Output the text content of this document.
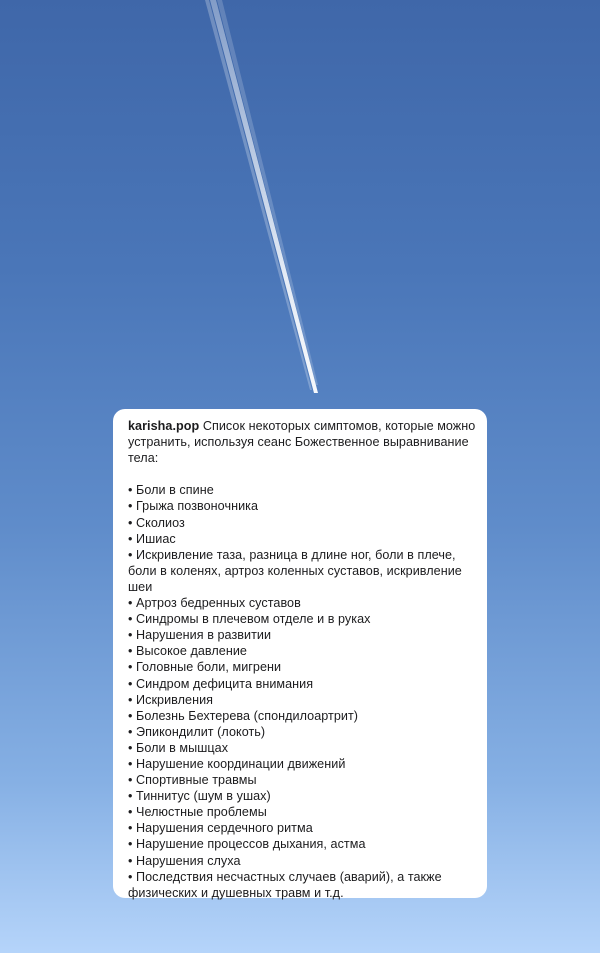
karisha.pop Список некоторых симптомов, которые можно устранить, используя сеанс Божественное выравнивание тела:

• Боли в спине
• Грыжа позвоночника
• Сколиоз
• Ишиас
• Искривление таза, разница в длине ног, боли в плече, боли в коленях, артроз коленных суставов, искривление шеи
• Артроз бедренных суставов
• Синдромы в плечевом отделе и в руках
• Нарушения в развитии
• Высокое давление
• Головные боли, мигрени
• Синдром дефицита внимания
• Искривления
• Болезнь Бехтерева (спондилоартрит)
• Эпикондилит (локоть)
• Боли в мышцах
• Нарушение координации движений
• Спортивные травмы
• Тиннитус (шум в ушах)
• Челюстные проблемы
• Нарушения сердечного ритма
• Нарушение процессов дыхания, астма
• Нарушения слуха
• Последствия несчастных случаев (аварий), а также физических и душевных травм и т.д.
